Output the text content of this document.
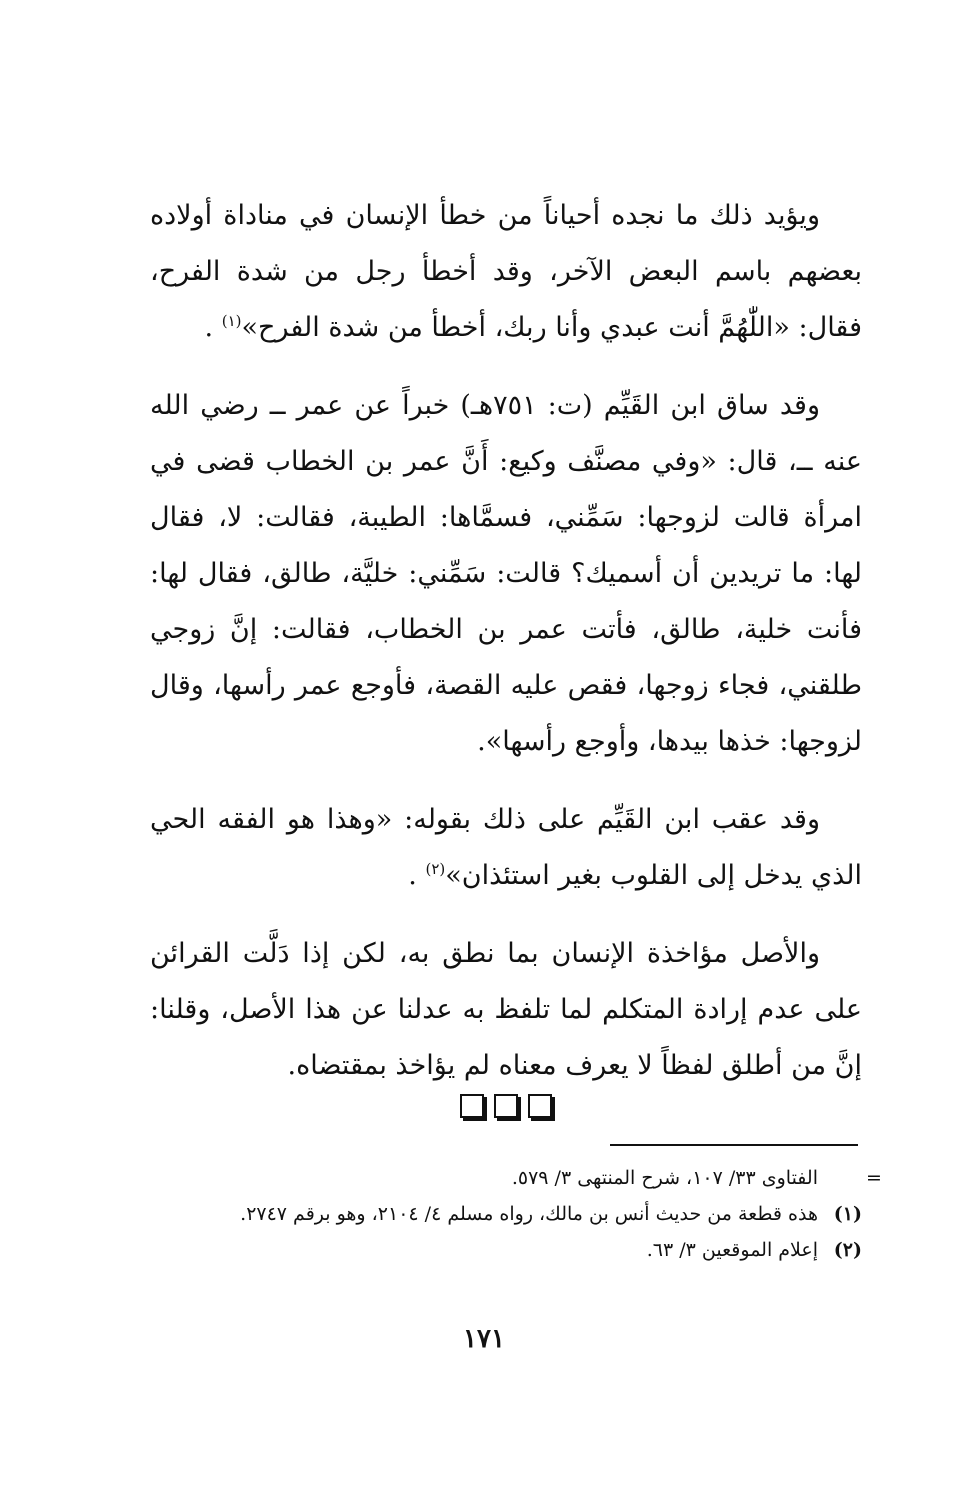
ويؤيد ذلك ما نجده أحياناً من خطأ الإنسان في مناداة أولاده بعضهم باسم البعض الآخر، وقد أخطأ رجل من شدة الفرح، فقال: «اللّٰهُمَّ أنت عبدي وأنا ربك، أخطأ من شدة الفرح»$^{(١)}$ .

وقد ساق ابن القَيِّم (ت: ٧٥١هـ) خبراً عن عمر ــ رضي الله عنه ــ، قال: «وفي مصنَّف وكيع: أَنَّ عمر بن الخطاب قضى في امرأة قالت لزوجها: سَمِّني، فسمَّاها: الطيبة، فقالت: لا، فقال لها: ما تريدين أن أسميك؟ قالت: سَمِّني: خليَّة، طالق، فقال لها: فأنت خلية، طالق، فأتت عمر بن الخطاب، فقالت: إنَّ زوجي طلقني، فجاء زوجها، فقص عليه القصة، فأوجع عمر رأسها، وقال لزوجها: خذها بيدها، وأوجع رأسها».

وقد عقب ابن القَيِّم على ذلك بقوله: «وهذا هو الفقه الحي الذي يدخل إلى القلوب بغير استئذان»$^{(٢)}$ .

والأصل مؤاخذة الإنسان بما نطق به، لكن إذا دَلَّت القرائن على عدم إرادة المتكلم لما تلفظ به عدلنا عن هذا الأصل، وقلنا: إنَّ من أطلق لفظاً لا يعرف معناه لم يؤاخذ بمقتضاه.

=
الفتاوى ٣٣/ ١٠٧، شرح المنتهى ٣/ ٥٧٩.
(١)
هذه قطعة من حديث أنس بن مالك، رواه مسلم ٤/ ٢١٠٤، وهو برقم ٢٧٤٧.
(٢)
إعلام الموقعين ٣/ ٦٣.
١٧١
